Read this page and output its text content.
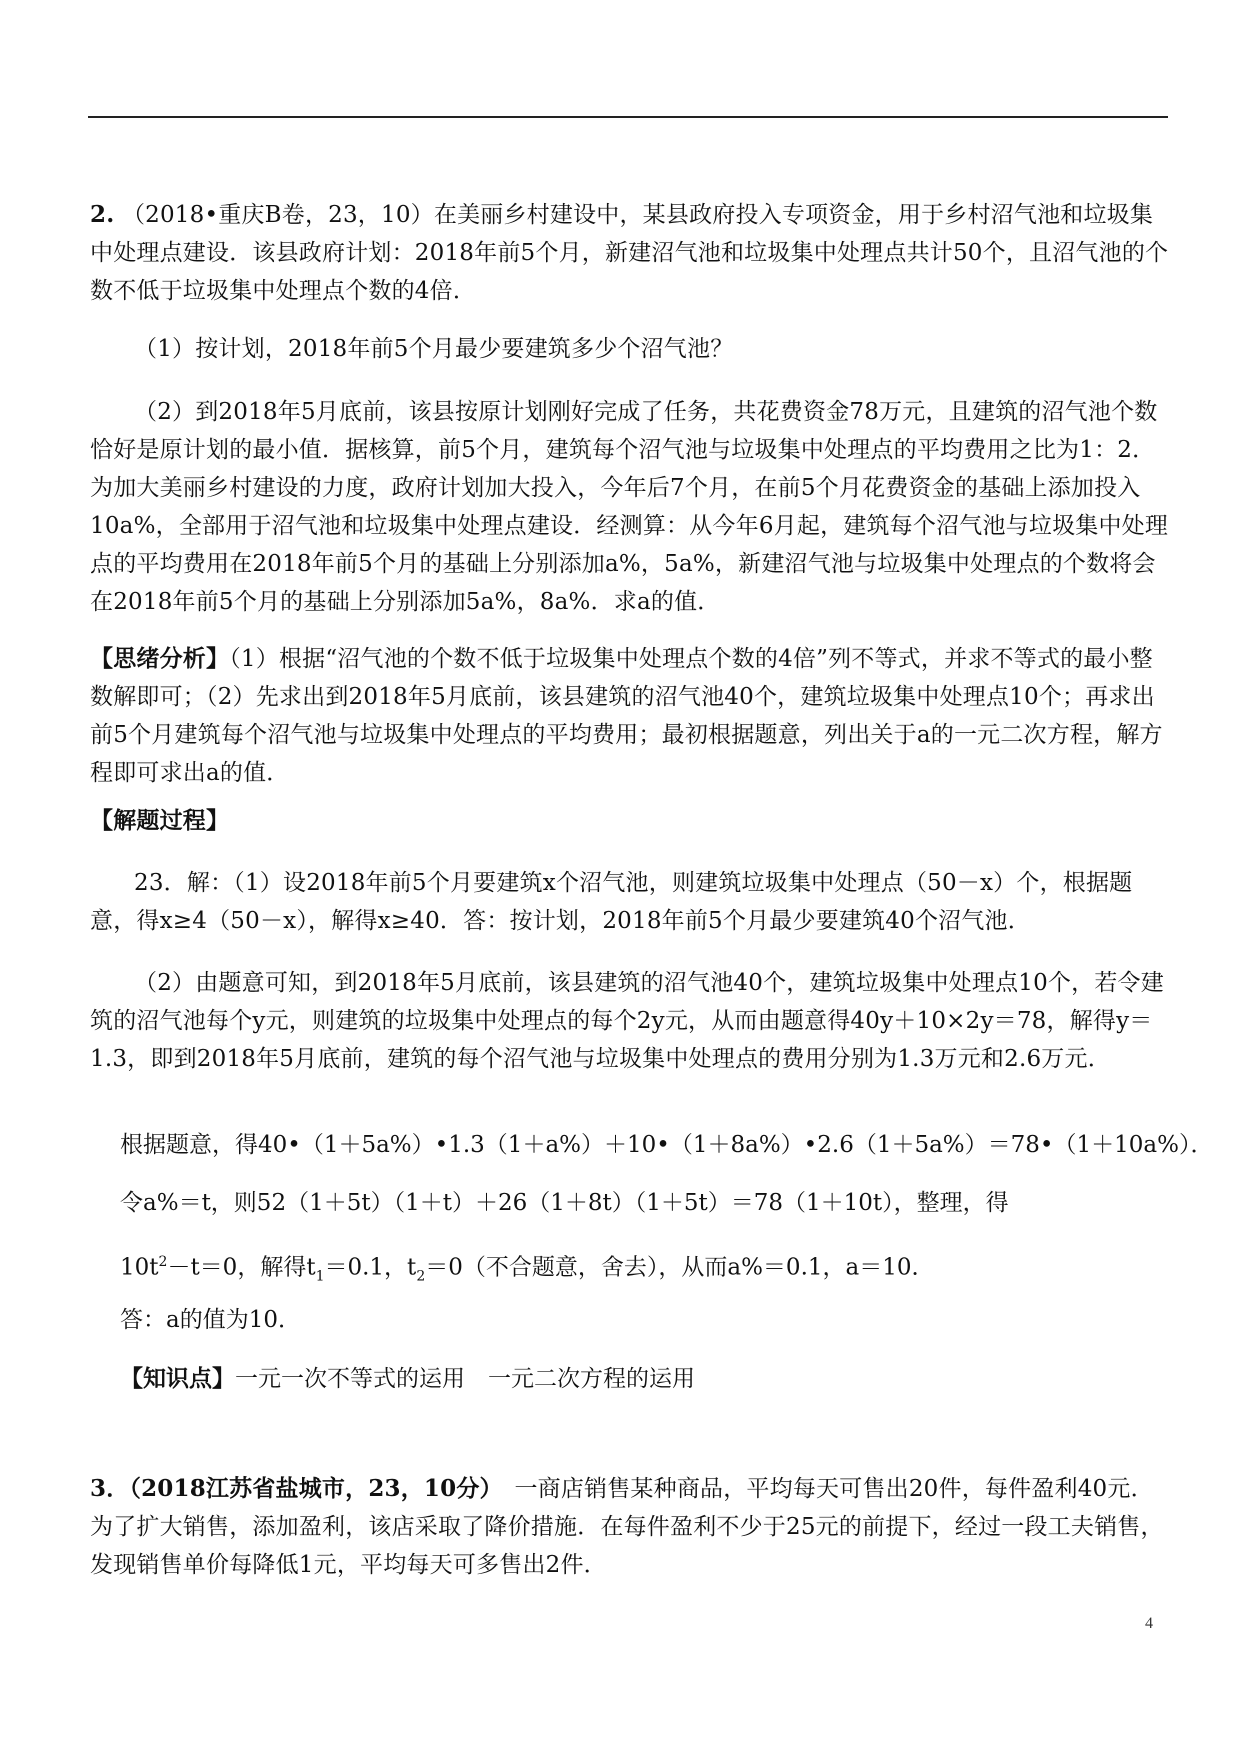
2. （2018•重庆B卷，23，10）在美丽乡村建设中，某县政府投入专项资金，用于乡村沼气池和垃圾集中处理点建设．该县政府计划：2018年前5个月，新建沼气池和垃圾集中处理点共计50个，且沼气池的个数不低于垃圾集中处理点个数的4倍．
（1）按计划，2018年前5个月最少要建筑多少个沼气池？
（2）到2018年5月底前，该县按原计划刚好完成了任务，共花费资金78万元，且建筑的沼气池个数恰好是原计划的最小值．据核算，前5个月，建筑每个沼气池与垃圾集中处理点的平均费用之比为1：2．为加大美丽乡村建设的力度，政府计划加大投入，今年后7个月，在前5个月花费资金的基础上添加投入10a%，全部用于沼气池和垃圾集中处理点建设．经测算：从今年6月起，建筑每个沼气池与垃圾集中处理点的平均费用在2018年前5个月的基础上分别添加a%，5a%，新建沼气池与垃圾集中处理点的个数将会在2018年前5个月的基础上分别添加5a%，8a%．求a的值．
【思绪分析】（1）根据“沼气池的个数不低于垃圾集中处理点个数的4倍”列不等式，并求不等式的最小整数解即可；（2）先求出到2018年5月底前，该县建筑的沼气池40个，建筑垃圾集中处理点10个；再求出前5个月建筑每个沼气池与垃圾集中处理点的平均费用；最初根据题意，列出关于a的一元二次方程，解方程即可求出a的值．
【解题过程】
23．解：（1）设2018年前5个月要建筑x个沼气池，则建筑垃圾集中处理点（50－x）个，根据题意，得x≥4（50－x），解得x≥40．答：按计划，2018年前5个月最少要建筑40个沼气池．
（2）由题意可知，到2018年5月底前，该县建筑的沼气池40个，建筑垃圾集中处理点10个，若令建筑的沼气池每个y元，则建筑的垃圾集中处理点的每个2y元，从而由题意得40y＋10×2y＝78，解得y＝1.3，即到2018年5月底前，建筑的每个沼气池与垃圾集中处理点的费用分别为1.3万元和2.6万元．
根据题意，得40•（1＋5a%）•1.3（1＋a%）＋10•（1＋8a%）•2.6（1＋5a%）＝78•（1＋10a%）．
令a%＝t，则52（1＋5t）（1＋t）＋26（1＋8t）（1＋5t）＝78（1＋10t），整理，得
$10t^2-t=0$，解得$t_1=0.1$，$t_2=0$（不合题意，舍去），从而a%＝0.1，a＝10．
答：a的值为10．
【知识点】一元一次不等式的运用　一元二次方程的运用
3．（2018江苏省盐城市，23，10分）　 一商店销售某种商品，平均每天可售出20件，每件盈利40元．为了扩大销售，添加盈利，该店采取了降价措施．在每件盈利不少于25元的前提下，经过一段工夫销售，发现销售单价每降低1元，平均每天可多售出2件．
4
